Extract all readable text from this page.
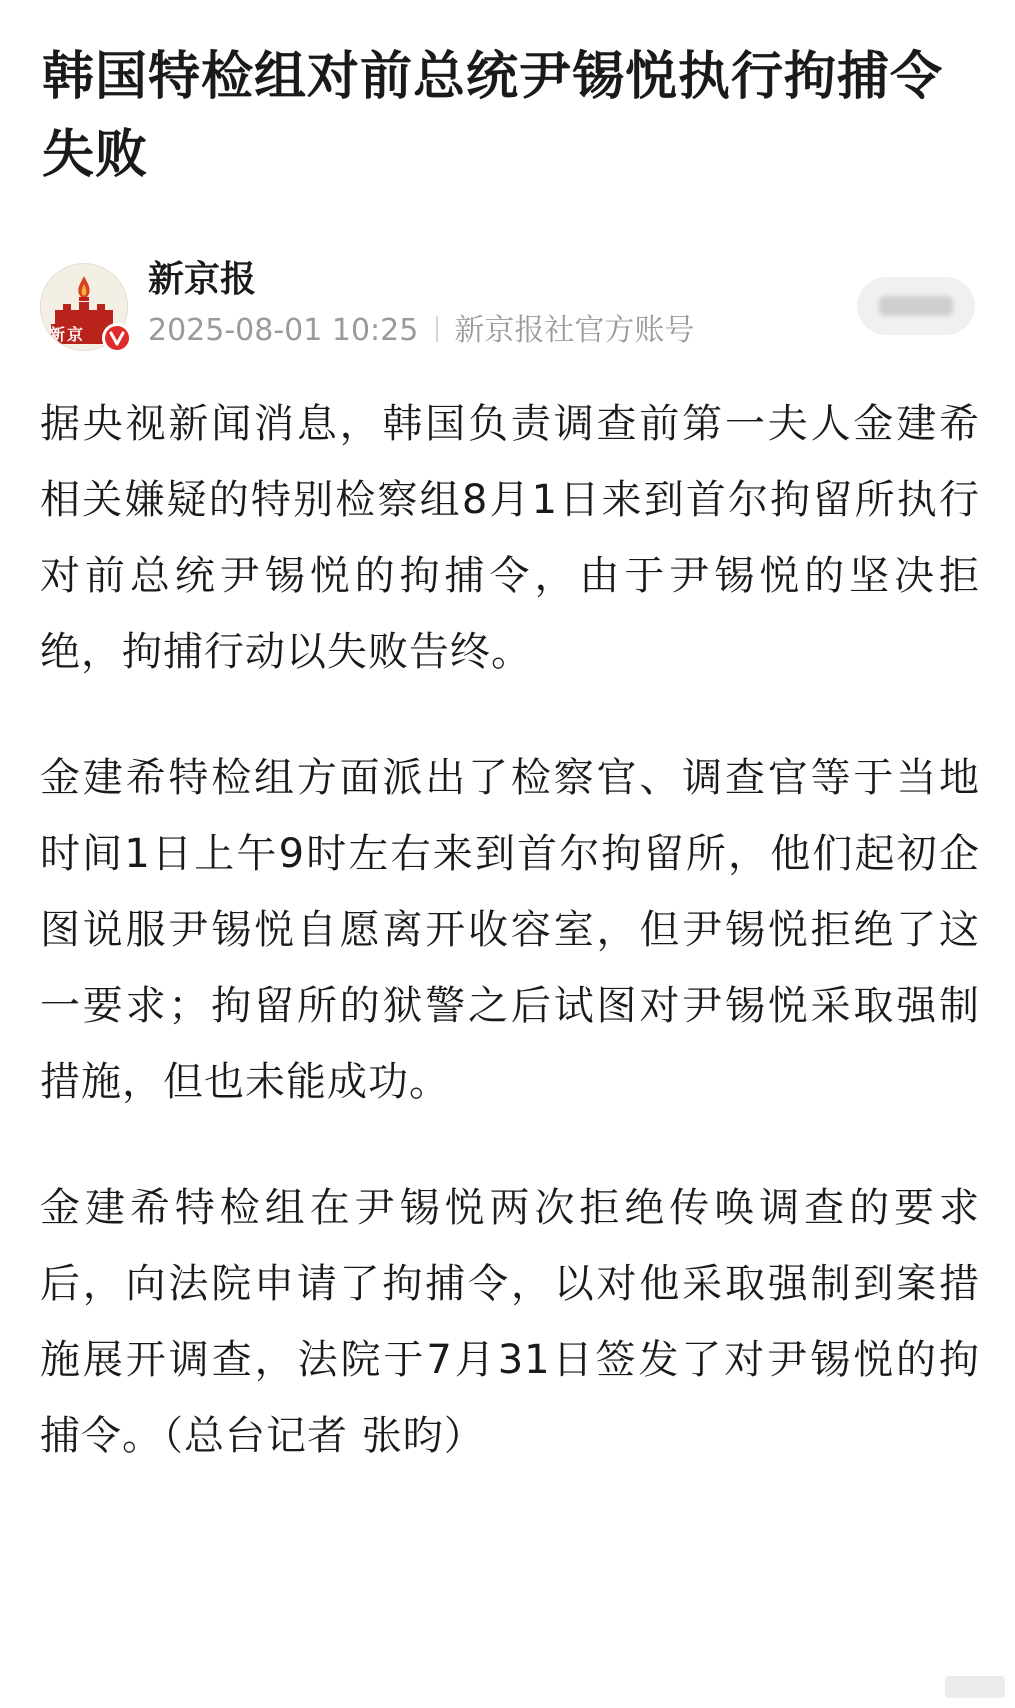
韩国特检组对前总统尹锡悦执行拘捕令失败
新京
新京报
2025-08-01 10:25 新京报社官方账号

据央视新闻消息，韩国负责调查前第一夫人金建希相关嫌疑的特别检察组8月1日来到首尔拘留所执行对前总统尹锡悦的拘捕令，由于尹锡悦的坚决拒绝，拘捕行动以失败告终。

金建希特检组方面派出了检察官、调查官等于当地时间1日上午9时左右来到首尔拘留所，他们起初企图说服尹锡悦自愿离开收容室，但尹锡悦拒绝了这一要求；拘留所的狱警之后试图对尹锡悦采取强制措施，但也未能成功。

金建希特检组在尹锡悦两次拒绝传唤调查的要求后，向法院申请了拘捕令，以对他采取强制到案措施展开调查，法院于7月31日签发了对尹锡悦的拘捕令。（总台记者 张昀）
